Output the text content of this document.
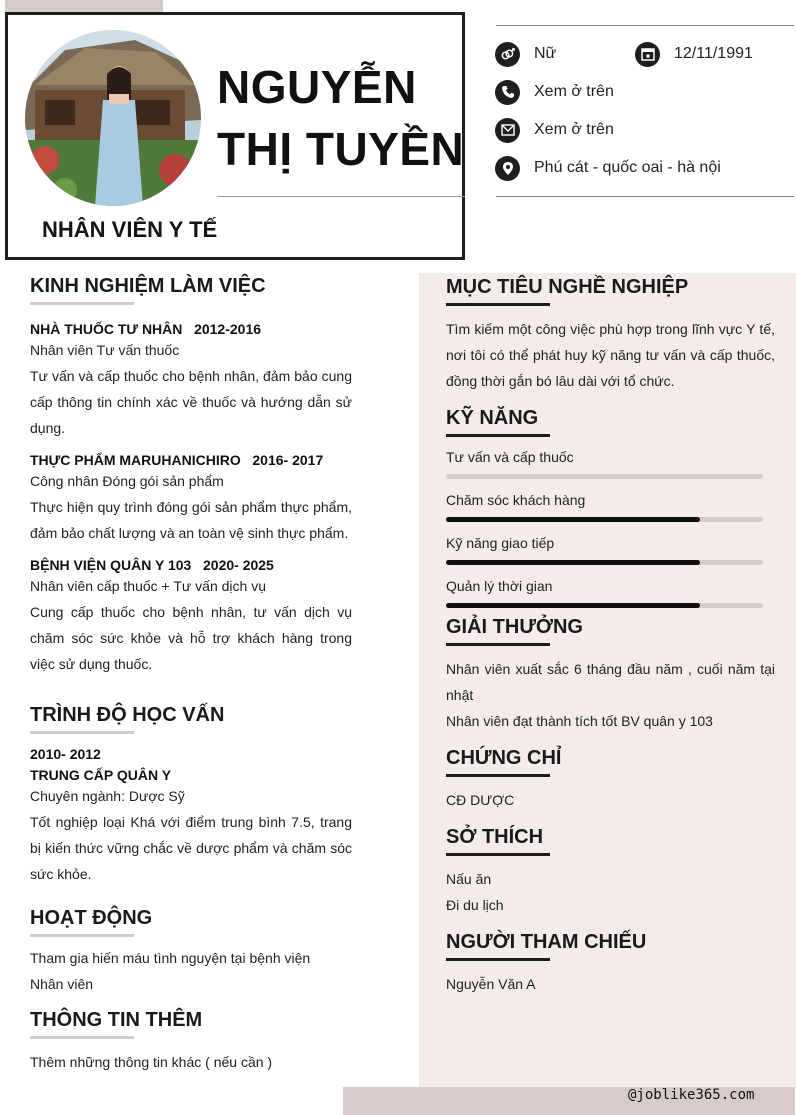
NGUYỄN
THỊ TUYỀN
NHÂN VIÊN Y TẾ
Nữ	12/11/1991
Xem ở trên
Xem ở trên
Phú cát - quốc oai - hà nội
@joblike365.com
KINH NGHIỆM LÀM VIỆC
NHÀ THUỐC TƯ NHÂN 2012-2016
Nhân viên Tư vấn thuốc
Tư vấn và cấp thuốc cho bệnh nhân, đảm bảo cung cấp thông tin chính xác về thuốc và hướng dẫn sử dụng.
THỰC PHẨM MARUHANICHIRO 2016- 2017
Công nhân Đóng gói sản phẩm
Thực hiện quy trình đóng gói sản phẩm thực phẩm, đảm bảo chất lượng và an toàn vệ sinh thực phẩm.
BỆNH VIỆN QUÂN Y 103 2020- 2025
Nhân viên cấp thuốc + Tư vấn dịch vụ
Cung cấp thuốc cho bệnh nhân, tư vấn dịch vụ chăm sóc sức khỏe và hỗ trợ khách hàng trong việc sử dụng thuốc.
TRÌNH ĐỘ HỌC VẤN
2010- 2012
TRUNG CẤP QUÂN Y
Chuyên ngành: Dược Sỹ
Tốt nghiệp loại Khá với điểm trung bình 7.5, trang bị kiến thức vững chắc về dược phẩm và chăm sóc sức khỏe.
HOẠT ĐỘNG
Tham gia hiến máu tình nguyện tại bệnh viện
Nhân viên
THÔNG TIN THÊM
Thêm những thông tin khác ( nếu cần )
MỤC TIÊU NGHỀ NGHIỆP
Tìm kiếm một công việc phù hợp trong lĩnh vực Y tế, nơi tôi có thể phát huy kỹ năng tư vấn và cấp thuốc, đồng thời gắn bó lâu dài với tổ chức.
KỸ NĂNG
Tư vấn và cấp thuốc
Chăm sóc khách hàng
Kỹ năng giao tiếp
Quản lý thời gian
GIẢI THƯỞNG
Nhân viên xuất sắc 6 tháng đầu năm , cuối năm tại nhật
Nhân viên đạt thành tích tốt BV quân y 103
CHỨNG CHỈ
CĐ DƯỢC
SỞ THÍCH
Nấu ăn
Đi du lịch
NGƯỜI THAM CHIẾU
Nguyễn Văn A
